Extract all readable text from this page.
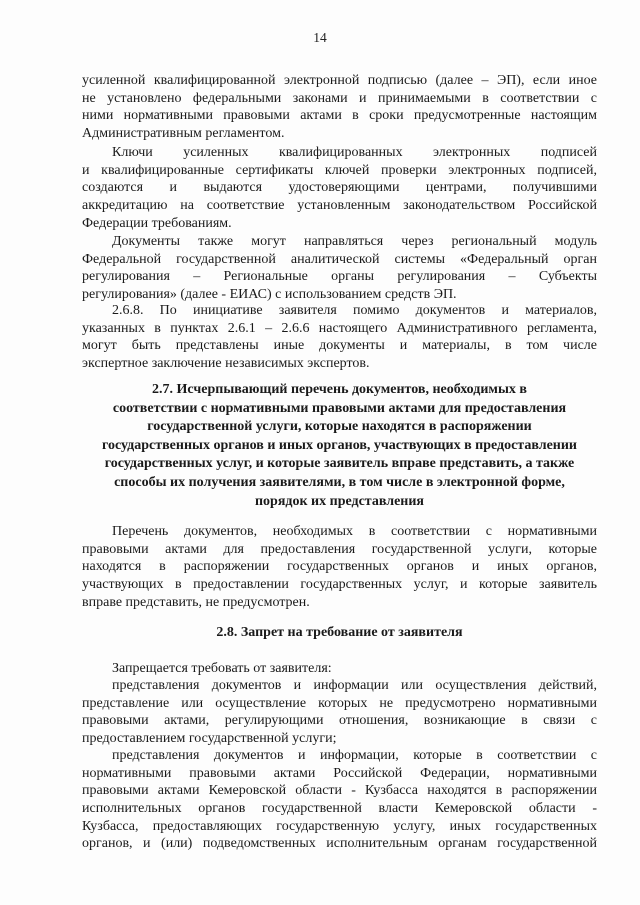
14
усиленной квалифицированной электронной подписью (далее – ЭП), если иное
не установлено федеральными законами и принимаемыми в соответствии с
ними нормативными правовыми актами в сроки предусмотренные настоящим
Административным регламентом.
Ключи усиленных квалифицированных электронных подписей
и квалифицированные сертификаты ключей проверки электронных подписей,
создаются и выдаются удостоверяющими центрами, получившими
аккредитацию на соответствие установленным законодательством Российской
Федерации требованиям.
Документы также могут направляться через региональный модуль
Федеральной государственной аналитической системы «Федеральный орган
регулирования – Региональные органы регулирования – Субъекты
регулирования» (далее - ЕИАС) с использованием средств ЭП.
2.6.8. По инициативе заявителя помимо документов и материалов,
указанных в пунктах 2.6.1 – 2.6.6 настоящего Административного регламента,
могут быть представлены иные документы и материалы, в том числе
экспертное заключение независимых экспертов.
2.7. Исчерпывающий перечень документов, необходимых в
соответствии с нормативными правовыми актами для предоставления
государственной услуги, которые находятся в распоряжении
государственных органов и иных органов, участвующих в предоставлении
государственных услуг, и которые заявитель вправе представить, а также
способы их получения заявителями, в том числе в электронной форме,
порядок их представления
Перечень документов, необходимых в соответствии с нормативными
правовыми актами для предоставления государственной услуги, которые
находятся в распоряжении государственных органов и иных органов,
участвующих в предоставлении государственных услуг, и которые заявитель
вправе представить, не предусмотрен.
2.8. Запрет на требование от заявителя
Запрещается требовать от заявителя:
представления документов и информации или осуществления действий,
представление или осуществление которых не предусмотрено нормативными
правовыми актами, регулирующими отношения, возникающие в связи с
предоставлением государственной услуги;
представления документов и информации, которые в соответствии с
нормативными правовыми актами Российской Федерации, нормативными
правовыми актами Кемеровской области - Кузбасса находятся в распоряжении
исполнительных органов государственной власти Кемеровской области -
Кузбасса, предоставляющих государственную услугу, иных государственных
органов, и (или) подведомственных исполнительным органам государственной
